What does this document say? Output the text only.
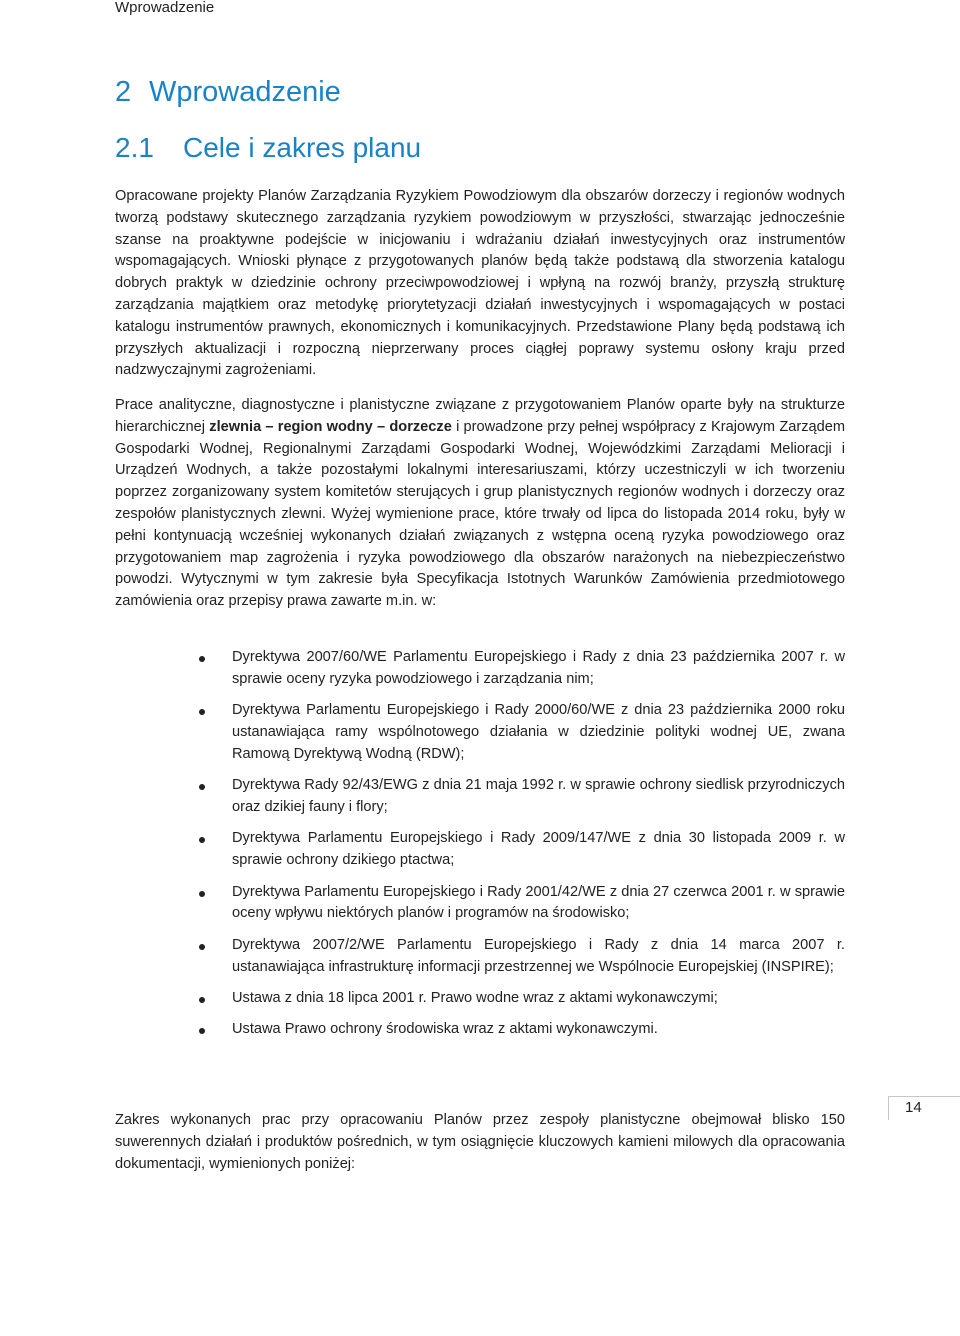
Wprowadzenie
2 Wprowadzenie
2.1 Cele i zakres planu

Opracowane projekty Planów Zarządzania Ryzykiem Powodziowym dla obszarów dorzeczy i regionów wodnych tworzą podstawy skutecznego zarządzania ryzykiem powodziowym w przyszłości, stwarzając jednocześnie szanse na proaktywne podejście w inicjowaniu i wdrażaniu działań inwestycyjnych oraz instrumentów wspomagających. Wnioski płynące z przygotowanych planów będą także podstawą dla stworzenia katalogu dobrych praktyk w dziedzinie ochrony przeciwpowodziowej i wpłyną na rozwój branży, przyszłą strukturę zarządzania majątkiem oraz metodykę priorytetyzacji działań inwestycyjnych i wspomagających w postaci katalogu instrumentów prawnych, ekonomicznych i komunikacyjnych. Przedstawione Plany będą podstawą ich przyszłych aktualizacji i rozpoczną nieprzerwany proces ciągłej poprawy systemu osłony kraju przed nadzwyczajnymi zagrożeniami.

Prace analityczne, diagnostyczne i planistyczne związane z przygotowaniem Planów oparte były na strukturze hierarchicznej zlewnia – region wodny – dorzecze i prowadzone przy pełnej współpracy z Krajowym Zarządem Gospodarki Wodnej, Regionalnymi Zarządami Gospodarki Wodnej, Wojewódzkimi Zarządami Melioracji i Urządzeń Wodnych, a także pozostałymi lokalnymi interesariuszami, którzy uczestniczyli w ich tworzeniu poprzez zorganizowany system komitetów sterujących i grup planistycznych regionów wodnych i dorzeczy oraz zespołów planistycznych zlewni. Wyżej wymienione prace, które trwały od lipca do listopada 2014 roku, były w pełni kontynuacją wcześniej wykonanych działań związanych z wstępna oceną ryzyka powodziowego oraz przygotowaniem map zagrożenia i ryzyka powodziowego dla obszarów narażonych na niebezpieczeństwo powodzi. Wytycznymi w tym zakresie była Specyfikacja Istotnych Warunków Zamówienia przedmiotowego zamówienia oraz przepisy prawa zawarte m.in. w:

Dyrektywa 2007/60/WE Parlamentu Europejskiego i Rady z dnia 23 października 2007 r. w sprawie oceny ryzyka powodziowego i zarządzania nim;
Dyrektywa Parlamentu Europejskiego i Rady 2000/60/WE z dnia 23 października 2000 roku ustanawiająca ramy wspólnotowego działania w dziedzinie polityki wodnej UE, zwana Ramową Dyrektywą Wodną (RDW);
Dyrektywa Rady 92/43/EWG z dnia 21 maja 1992 r. w sprawie ochrony siedlisk przyrodniczych oraz dzikiej fauny i flory;
Dyrektywa Parlamentu Europejskiego i Rady 2009/147/WE z dnia 30 listopada 2009 r. w sprawie ochrony dzikiego ptactwa;
Dyrektywa Parlamentu Europejskiego i Rady 2001/42/WE z dnia 27 czerwca 2001 r. w sprawie oceny wpływu niektórych planów i programów na środowisko;
Dyrektywa 2007/2/WE Parlamentu Europejskiego i Rady z dnia 14 marca 2007 r. ustanawiająca infrastrukturę informacji przestrzennej we Wspólnocie Europejskiej (INSPIRE);
Ustawa z dnia 18 lipca 2001 r. Prawo wodne wraz z aktami wykonawczymi;
Ustawa Prawo ochrony środowiska wraz z aktami wykonawczymi.
14

Zakres wykonanych prac przy opracowaniu Planów przez zespoły planistyczne obejmował blisko 150 suwerennych działań i produktów pośrednich, w tym osiągnięcie kluczowych kamieni milowych dla opracowania dokumentacji, wymienionych poniżej:
